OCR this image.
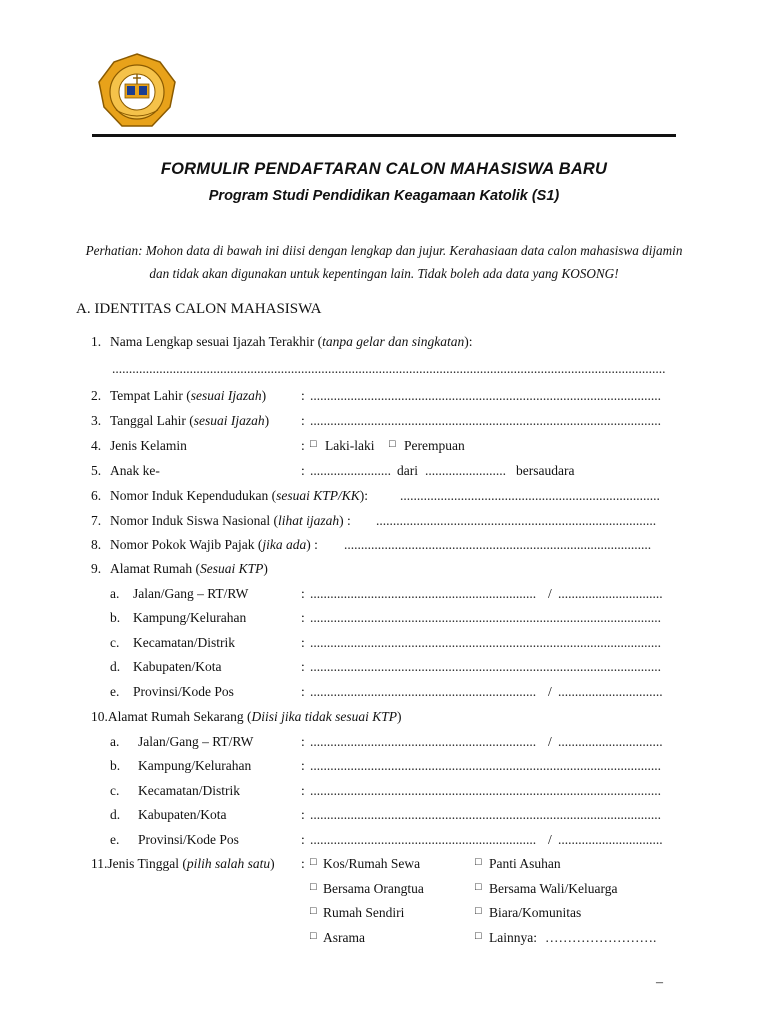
FORMULIR PENDAFTARAN CALON MAHASISWA BARU
Program Studi Pendidikan Keagamaan Katolik (S1)
Perhatian: Mohon data di bawah ini diisi dengan lengkap dan jujur. Kerahasiaan data calon mahasiswa dijamin
dan tidak akan digunakan untuk kepentingan lain. Tidak boleh ada data yang KOSONG!
A. IDENTITAS CALON MAHASISWA
1. Nama Lengkap sesuai Ijazah Terakhir (tanpa gelar dan singkatan):
....................................................................................................................................................................
2. Tempat Lahir (sesuai Ijazah)	: ........................................................................................................
3. Tanggal Lahir (sesuai Ijazah) : ........................................................................................................
4. Jenis Kelamin	: □ Laki-laki □ Perempuan
5. Anak ke-	: ........................ dari ........................ bersaudara
6. Nomor Induk Kependudukan (sesuai KTP/KK): .............................................................................
7. Nomor Induk Siswa Nasional (lihat ijazah) : ...................................................................................
8. Nomor Pokok Wajib Pajak (jika ada) : ...........................................................................................
9. Alamat Rumah (Sesuai KTP)
a. Jalan/Gang – RT/RW	: ................................................................... / ...............................
b. Kampung/Kelurahan	: ........................................................................................................
c. Kecamatan/Distrik	: ........................................................................................................
d. Kabupaten/Kota	: ........................................................................................................
e. Provinsi/Kode Pos	: ................................................................... / ...............................
10.Alamat Rumah Sekarang (Diisi jika tidak sesuai KTP)
a. Jalan/Gang – RT/RW	: ................................................................... / ...............................
b. Kampung/Kelurahan	: ........................................................................................................
c. Kecamatan/Distrik	: ........................................................................................................
d. Kabupaten/Kota	: ........................................................................................................
e. Provinsi/Kode Pos	: ................................................................... / ...............................
11.Jenis Tinggal (pilih salah satu) : □ Kos/Rumah Sewa	□ Panti Asuhan
□ Bersama Orangtua	□ Bersama Wali/Keluarga
□ Rumah Sendiri	□ Biara/Komunitas
□ Asrama	□ Lainnya: …………………….
–
